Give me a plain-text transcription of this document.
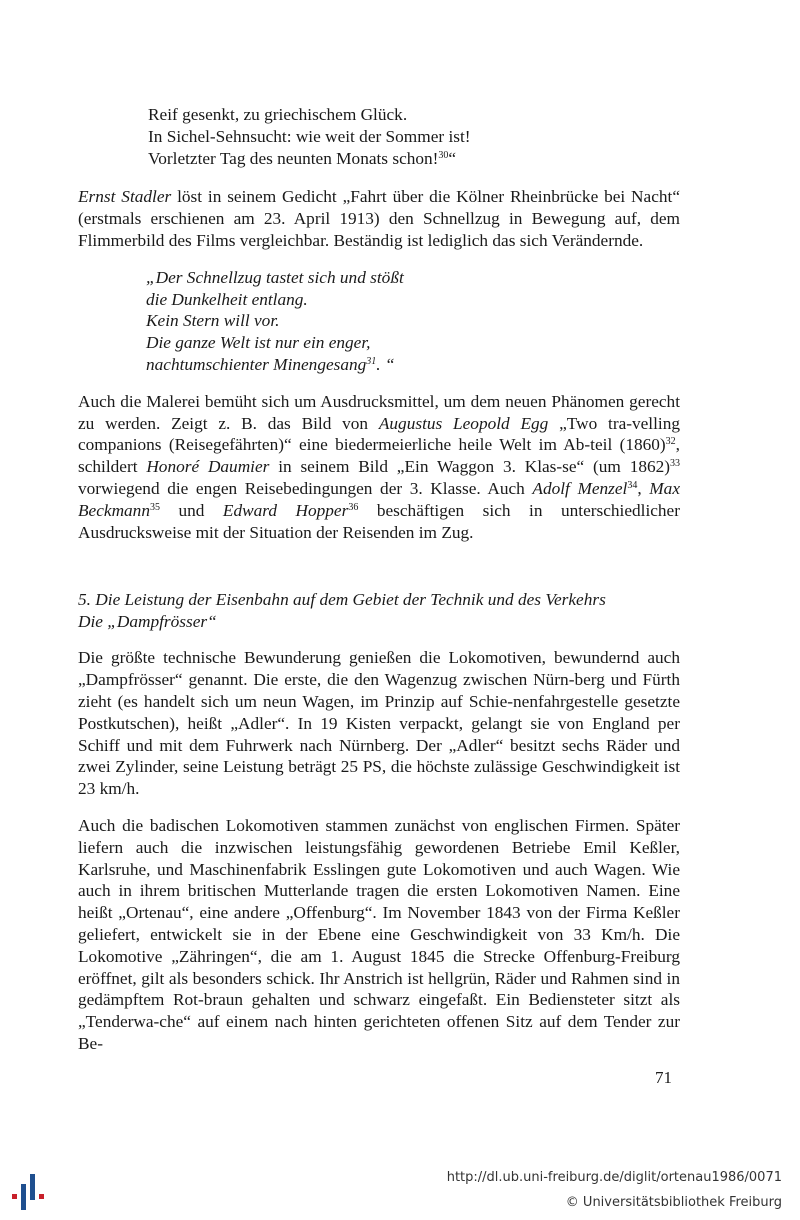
Reif gesenkt, zu griechischem Glück.

In Sichel-Sehnsucht: wie weit der Sommer ist!

Vorletzter Tag des neunten Monats schon!$^{30}$“

Ernst Stadler löst in seinem Gedicht „Fahrt über die Kölner Rheinbrücke bei Nacht“ (erstmals erschienen am 23. April 1913) den Schnellzug in Bewegung auf, dem Flimmerbild des Films vergleichbar. Beständig ist lediglich das sich Verändernde.

„Der Schnellzug tastet sich und stößt

die Dunkelheit entlang.

Kein Stern will vor.

Die ganze Welt ist nur ein enger,

nachtumschienter Minengesang$^{31}$. “

Auch die Malerei bemüht sich um Ausdrucksmittel, um dem neuen Phänomen gerecht zu werden. Zeigt z. B. das Bild von Augustus Leopold Egg „Two tra-velling companions (Reisegefährten)“ eine biedermeierliche heile Welt im Ab-teil $(1860)^{32}$, schildert Honoré Daumier in seinem Bild „Ein Waggon 3. Klas-se“ (um 1862)$^{33}$ vorwiegend die engen Reisebedingungen der 3. Klasse. Auch Adolf Menzel$^{34}$, Max Beckmann$^{35}$ und Edward Hopper$^{36}$ beschäftigen sich in unterschiedlicher Ausdrucksweise mit der Situation der Reisenden im Zug.

5. Die Leistung der Eisenbahn auf dem Gebiet der Technik und des Verkehrs
Die „Dampfrösser“

Die größte technische Bewunderung genießen die Lokomotiven, bewundernd auch „Dampfrösser“ genannt. Die erste, die den Wagenzug zwischen Nürn-berg und Fürth zieht (es handelt sich um neun Wagen, im Prinzip auf Schie-nenfahrgestelle gesetzte Postkutschen), heißt „Adler“. In 19 Kisten verpackt, gelangt sie von England per Schiff und mit dem Fuhrwerk nach Nürnberg. Der „Adler“ besitzt sechs Räder und zwei Zylinder, seine Leistung beträgt 25 PS, die höchste zulässige Geschwindigkeit ist 23 km/h.

Auch die badischen Lokomotiven stammen zunächst von englischen Firmen. Später liefern auch die inzwischen leistungsfähig gewordenen Betriebe Emil Keßler, Karlsruhe, und Maschinenfabrik Esslingen gute Lokomotiven und auch Wagen. Wie auch in ihrem britischen Mutterlande tragen die ersten Lokomotiven Namen. Eine heißt „Ortenau“, eine andere „Offenburg“. Im November 1843 von der Firma Keßler geliefert, entwickelt sie in der Ebene eine Geschwindigkeit von 33 Km/h. Die Lokomotive „Zähringen“, die am 1. August 1845 die Strecke Offenburg-Freiburg eröffnet, gilt als besonders schick. Ihr Anstrich ist hellgrün, Räder und Rahmen sind in gedämpftem Rot-braun gehalten und schwarz eingefaßt. Ein Bediensteter sitzt als „Tenderwa-che“ auf einem nach hinten gerichteten offenen Sitz auf dem Tender zur Be-

71
http://dl.ub.uni-freiburg.de/diglit/ortenau1986/0071
© Universitätsbibliothek Freiburg
